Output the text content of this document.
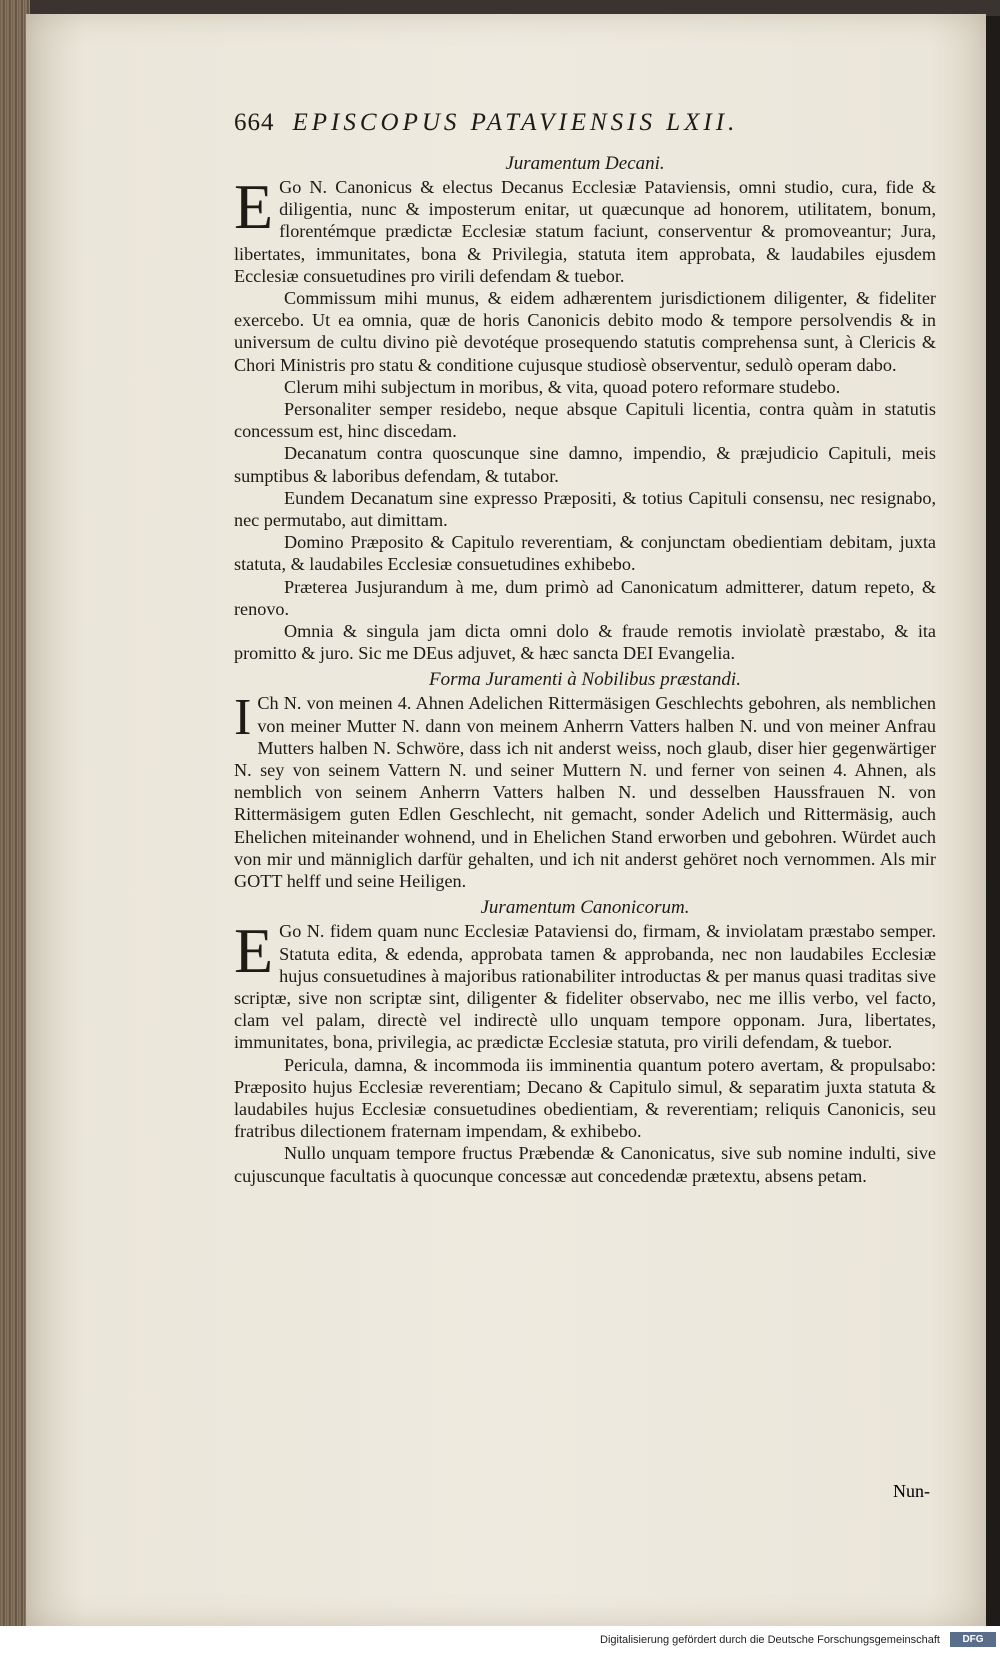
664 EPISCOPUS PATAVIENSIS LXII.
Juramentum Decani.

E Go N. Canonicus & electus Decanus Ecclesiæ Pataviensis, omni studio, cura, fide & diligentia, nunc & imposterum enitar, ut quæcunque ad honorem, utilitatem, bonum, florentémque prædictæ Ecclesiæ statum faciunt, conserventur & promoveantur; Jura, libertates, immunitates, bona & Privilegia, statuta item approbata, & laudabiles ejusdem Ecclesiæ consuetudines pro virili defendam & tuebor.

Commissum mihi munus, & eidem adhærentem jurisdictionem diligenter, & fideliter exercebo. Ut ea omnia, quæ de horis Canonicis debito modo & tempore persolvendis & in universum de cultu divino piè devotéque prosequendo statutis comprehensa sunt, à Clericis & Chori Ministris pro statu & conditione cujusque studiosè observentur, sedulò operam dabo.

Clerum mihi subjectum in moribus, & vita, quoad potero reformare studebo.

Personaliter semper residebo, neque absque Capituli licentia, contra quàm in statutis concessum est, hinc discedam.

Decanatum contra quoscunque sine damno, impendio, & præjudicio Capituli, meis sumptibus & laboribus defendam, & tutabor.

Eundem Decanatum sine expresso Præpositi, & totius Capituli consensu, nec resignabo, nec permutabo, aut dimittam.

Domino Præposito & Capitulo reverentiam, & conjunctam obedientiam debitam, juxta statuta, & laudabiles Ecclesiæ consuetudines exhibebo.

Præterea Jusjurandum à me, dum primò ad Canonicatum admitterer, datum repeto, & renovo.

Omnia & singula jam dicta omni dolo & fraude remotis inviolatè præstabo, & ita promitto & juro. Sic me DEus adjuvet, & hæc sancta DEI Evangelia.

Forma Juramenti à Nobilibus præstandi.

I Ch N. von meinen 4. Ahnen Adelichen Rittermäsigen Geschlechts gebohren, als nemblichen von meiner Mutter N. dann von meinem Anherrn Vatters halben N. und von meiner Anfrau Mutters halben N. Schwöre, dass ich nit anderst weiss, noch glaub, diser hier gegenwärtiger N. sey von seinem Vattern N. und seiner Muttern N. und ferner von seinen 4. Ahnen, als nemblich von seinem Anherrn Vatters halben N. und desselben Haussfrauen N. von Rittermäsigem guten Edlen Geschlecht, nit gemacht, sonder Adelich und Rittermäsig, auch Ehelichen miteinander wohnend, und in Ehelichen Stand erworben und gebohren. Würdet auch von mir und männiglich darfür gehalten, und ich nit anderst gehöret noch vernommen. Als mir GOTT helff und seine Heiligen.

Juramentum Canonicorum.

E Go N. fidem quam nunc Ecclesiæ Pataviensi do, firmam, & inviolatam præstabo semper. Statuta edita, & edenda, approbata tamen & approbanda, nec non laudabiles Ecclesiæ hujus consuetudines à majoribus rationabiliter introductas & per manus quasi traditas sive scriptæ, sive non scriptæ sint, diligenter & fideliter observabo, nec me illis verbo, vel facto, clam vel palam, directè vel indirectè ullo unquam tempore opponam. Jura, libertates, immunitates, bona, privilegia, ac prædictæ Ecclesiæ statuta, pro virili defendam, & tuebor.

Pericula, damna, & incommoda iis imminentia quantum potero avertam, & propulsabo: Præposito hujus Ecclesiæ reverentiam; Decano & Capitulo simul, & separatim juxta statuta & laudabiles hujus Ecclesiæ consuetudines obedientiam, & reverentiam; reliquis Canonicis, seu fratribus dilectionem fraternam impendam, & exhibebo.

Nullo unquam tempore fructus Præbendæ & Canonicatus, sive sub nomine indulti, sive cujuscunque facultatis à quocunque concessæ aut concedendæ prætextu, absens petam.

Nun-
Digitalisierung gefördert durch die Deutsche Forschungsgemeinschaft	DFG
